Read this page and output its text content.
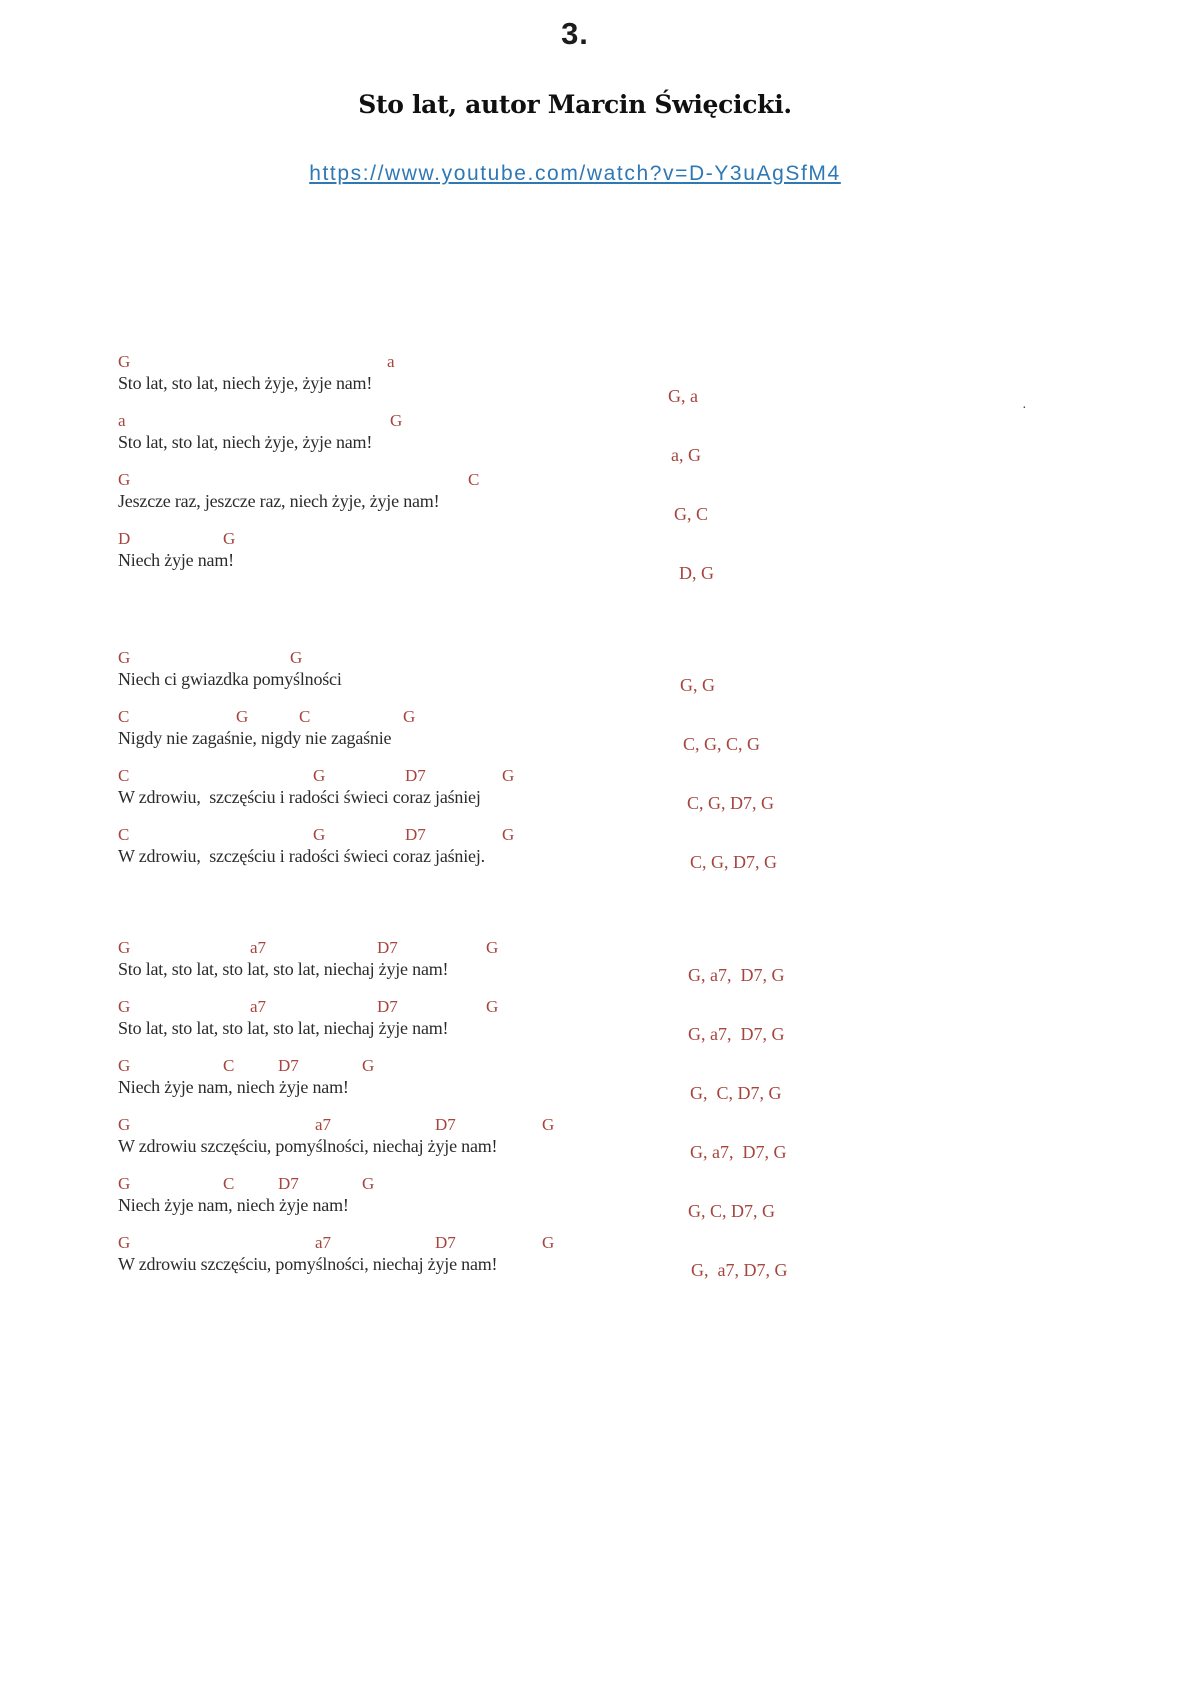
3.
Sto lat, autor Marcin Święcicki.
https://www.youtube.com/watch?v=D-Y3uAgSfM4
G	a
Sto lat, sto lat, niech żyje, żyje nam!
G, a
a	G
Sto lat, sto lat, niech żyje, żyje nam!
a, G
G	C
Jeszcze raz, jeszcze raz, niech żyje, żyje nam!
G, C
D	G
Niech żyje nam!
D, G
G	G
Niech ci gwiazdka pomyślności	G, G
C	G	C	G
Nigdy nie zagaśnie, nigdy nie zagaśnie	C, G, C, G
C	G	D7	G
W zdrowiu,  szczęściu i radości świeci coraz jaśniej	C, G, D7, G
C	G	D7	G
W zdrowiu,  szczęściu i radości świeci coraz jaśniej.	C, G, D7, G
G	a7	D7	G
Sto lat, sto lat, sto lat, sto lat, niechaj żyje nam!	G, a7,  D7, G
G	a7	D7	G
Sto lat, sto lat, sto lat, sto lat, niechaj żyje nam!	G, a7,  D7, G
G	C	D7	G
Niech żyje nam, niech żyje nam!	G,  C, D7, G
G	a7	D7	G
W zdrowiu szczęściu, pomyślności, niechaj żyje nam!	G, a7,  D7, G
G	C	D7	G
Niech żyje nam, niech żyje nam!	G, C, D7, G
G	a7	D7	G
W zdrowiu szczęściu, pomyślności, niechaj żyje nam!	G,  a7, D7, G
·
